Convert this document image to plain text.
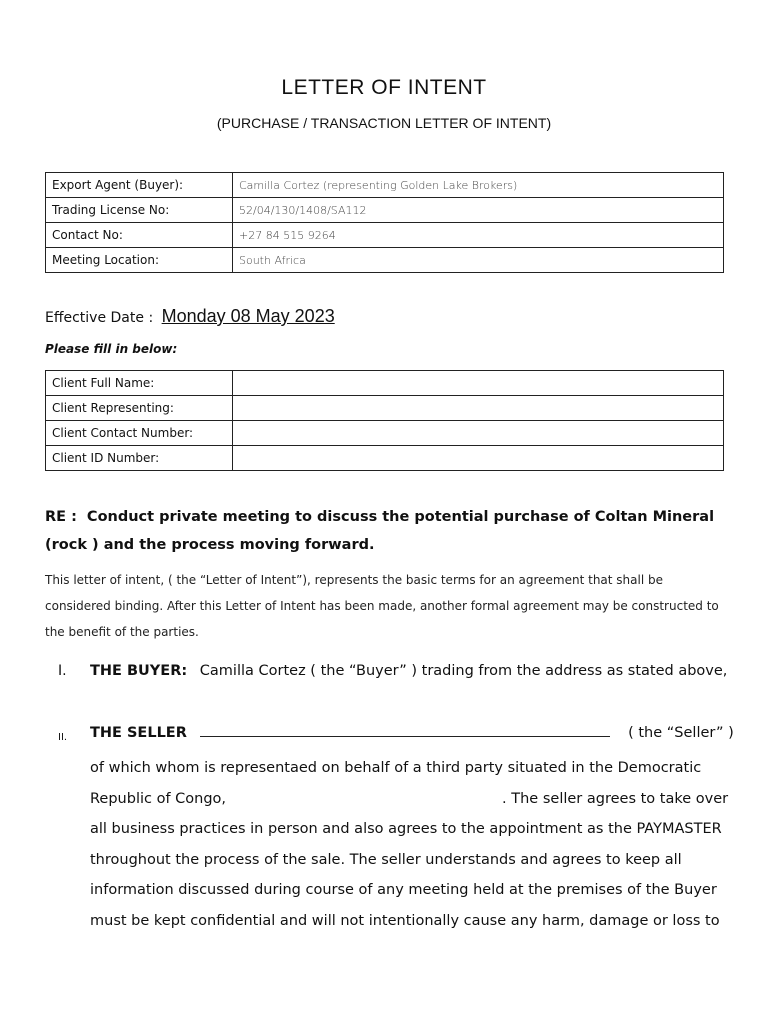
LETTER OF INTENT
(PURCHASE / TRANSACTION LETTER OF INTENT)
Export Agent (Buyer):	Camilla Cortez (representing Golden Lake Brokers)
Trading License No:	52/04/130/1408/SA112
Contact No:	+27 84 515 9264
Meeting Location:	South Africa
Effective Date : Monday 08 May 2023
Please fill in below:
Client Full Name:	
Client Representing:	
Client Contact Number:	
Client ID Number:	
RE : Conduct private meeting to discuss the potential purchase of Coltan Mineral (rock ) and the process moving forward.
This letter of intent, ( the “Letter of Intent”), represents the basic terms for an agreement that shall be considered binding. After this Letter of Intent has been made, another formal agreement may be constructed to the benefit of the parties.
I. THE BUYER: Camilla Cortez ( the “Buyer” ) trading from the address as stated above,
II. THE SELLER	( the “Seller” )
of which whom is representaed on behalf of a third party situated in the Democratic
Republic of Congo,	. The seller agrees to take over
all business practices in person and also agrees to the appointment as the PAYMASTER
throughout the process of the sale. The seller understands and agrees to keep all
information discussed during course of any meeting held at the premises of the Buyer
must be kept confidential and will not intentionally cause any harm, damage or loss to
